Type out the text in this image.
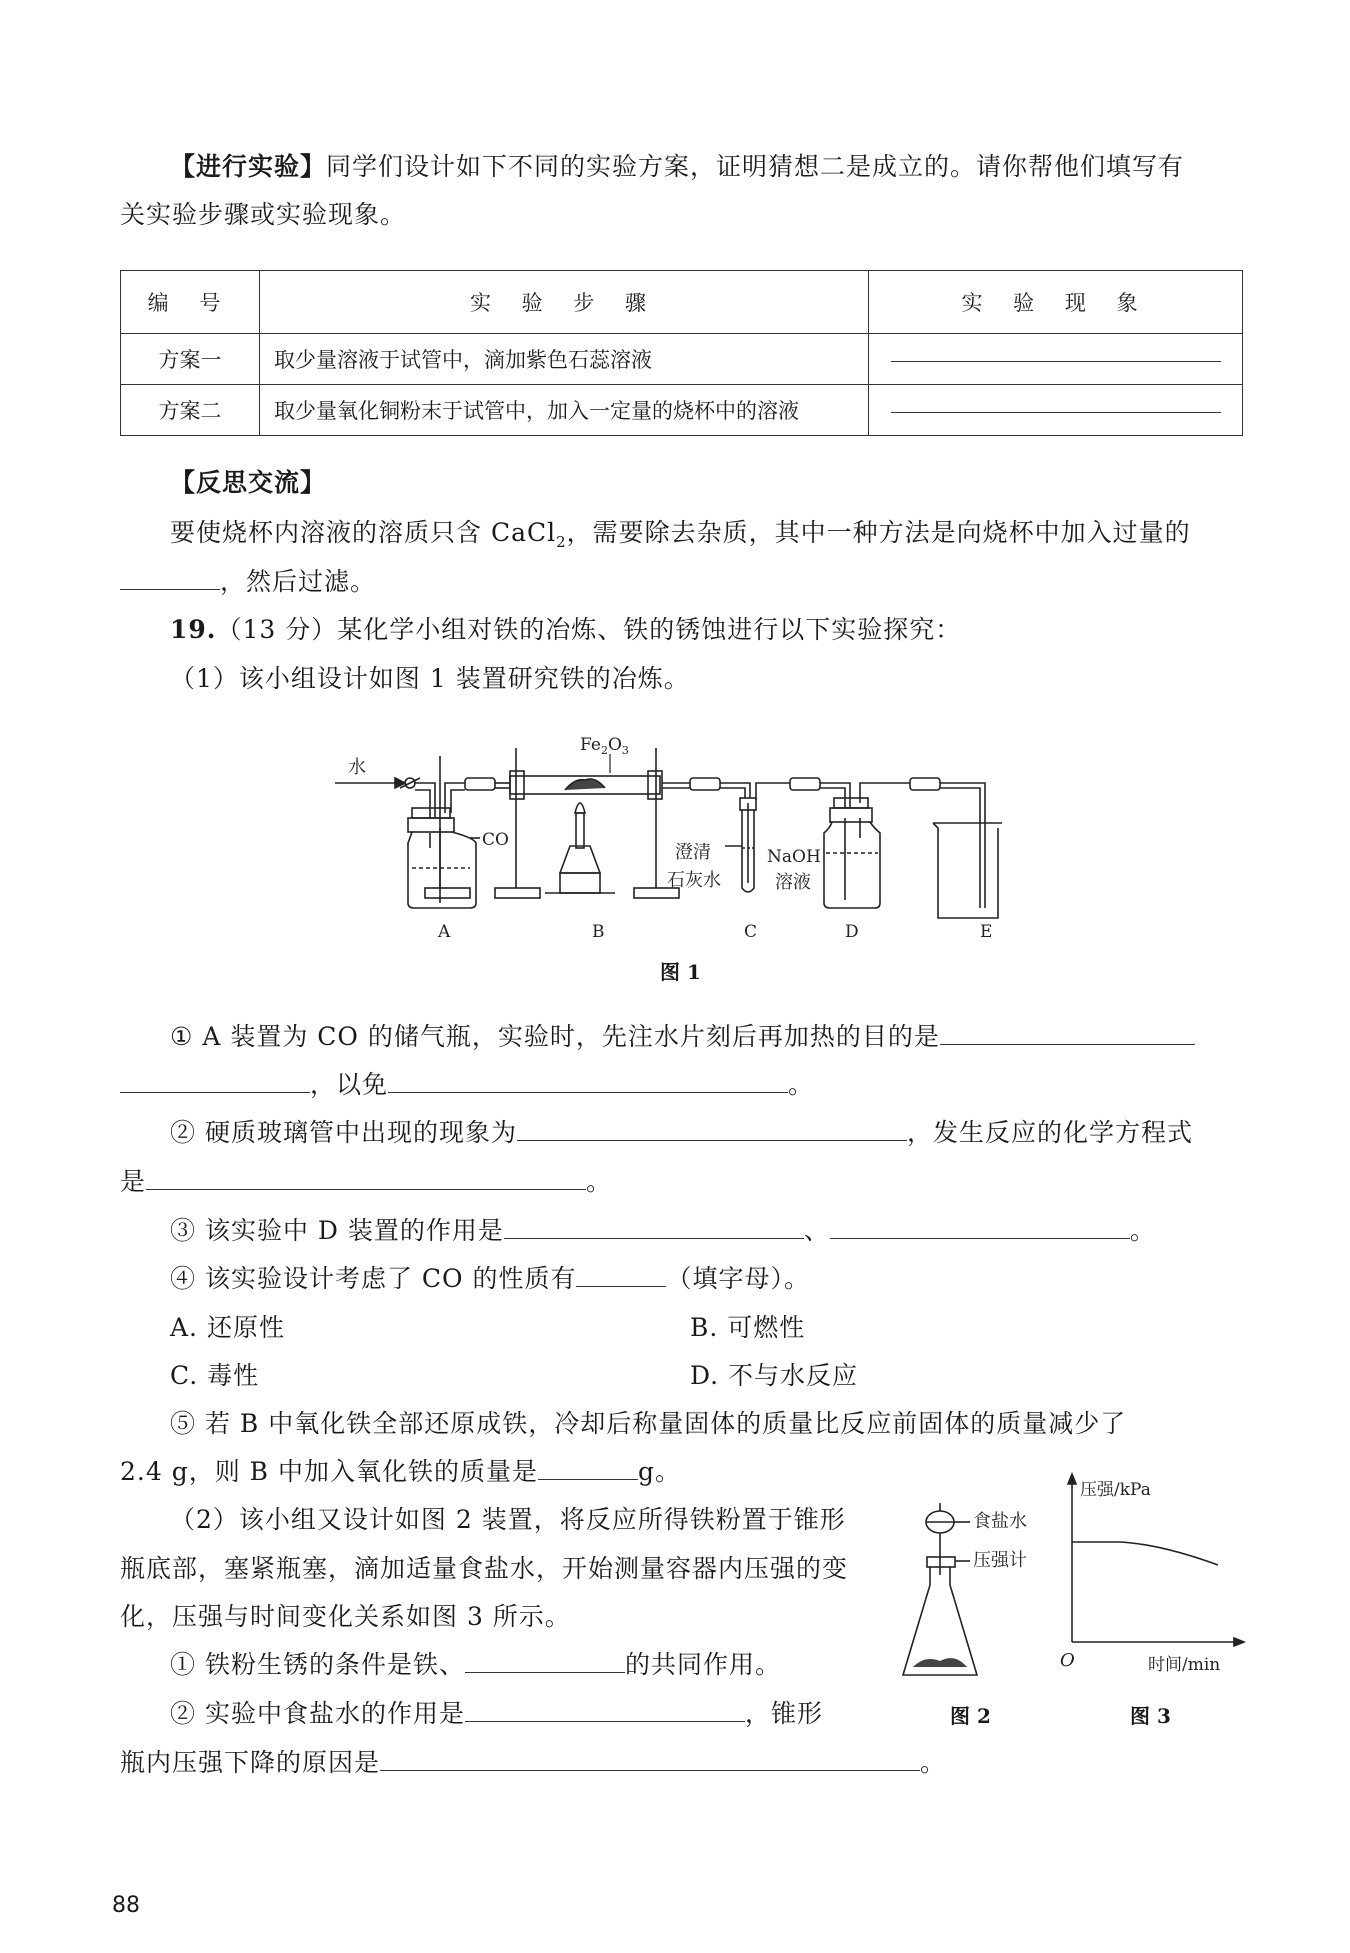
【进行实验】同学们设计如下不同的实验方案，证明猜想二是成立的。请你帮他们填写有
关实验步骤或实验现象。
编 号	实 验 步 骤	实 验 现 象
方案一	取少量溶液于试管中，滴加紫色石蕊溶液	
方案二	取少量氧化铜粉末于试管中，加入一定量的烧杯中的溶液	
【反思交流】
要使烧杯内溶液的溶质只含 CaCl$_2$，需要除去杂质，其中一种方法是向烧杯中加入过量的
，然后过滤。
19.（13 分）某化学小组对铁的冶炼、铁的锈蚀进行以下实验探究：
（1）该小组设计如图 1 装置研究铁的冶炼。
水
$Fe_2O_3$
CO
澄清
石灰水
NaOH
溶液
A	B	C	D	E
图 1
① A 装置为 CO 的储气瓶，实验时，先注水片刻后再加热的目的是
，以免	。
② 硬质玻璃管中出现的现象为	，发生反应的化学方程式
是	。
③ 该实验中 D 装置的作用是	、	。
④ 该实验设计考虑了 CO 的性质有	（填字母）。
A. 还原性	B. 可燃性
C. 毒性	D. 不与水反应
⑤ 若 B 中氧化铁全部还原成铁，冷却后称量固体的质量比反应前固体的质量减少了
2.4 g，则 B 中加入氧化铁的质量是	g。
（2）该小组又设计如图 2 装置，将反应所得铁粉置于锥形
瓶底部，塞紧瓶塞，滴加适量食盐水，开始测量容器内压强的变
化，压强与时间变化关系如图 3 所示。
① 铁粉生锈的条件是铁、	的共同作用。
② 实验中食盐水的作用是	，锥形
瓶内压强下降的原因是	。
食盐水
压强计
图 2
压强/kPa
O	时间/min
图 3
88
